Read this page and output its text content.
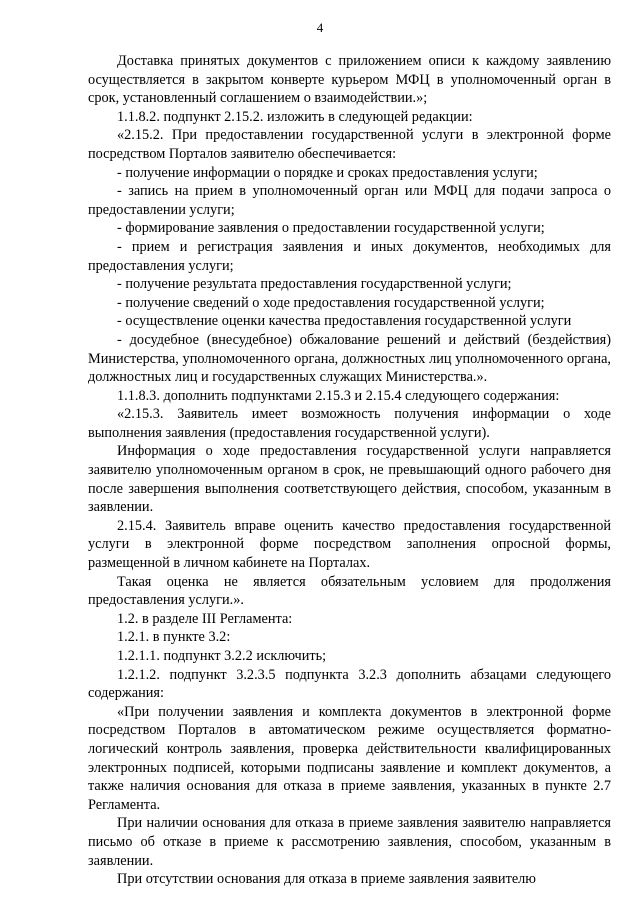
4

Доставка принятых документов с приложением описи к каждому заявлению осуществляется в закрытом конверте курьером МФЦ в уполномоченный орган в срок, установленный соглашением о взаимодействии.»;

1.1.8.2. подпункт 2.15.2. изложить в следующей редакции:

«2.15.2. При предоставлении государственной услуги в электронной форме посредством Порталов заявителю обеспечивается:

- получение информации о порядке и сроках предоставления услуги;

- запись на прием в уполномоченный орган или МФЦ для подачи запроса о предоставлении услуги;

- формирование заявления о предоставлении государственной услуги;

- прием и регистрация заявления и иных документов, необходимых для предоставления услуги;

- получение результата предоставления государственной услуги;

- получение сведений о ходе предоставления государственной услуги;

- осуществление оценки качества предоставления государственной услуги

- досудебное (внесудебное) обжалование решений и действий (бездействия) Министерства, уполномоченного органа, должностных лиц уполномоченного органа, должностных лиц и государственных служащих Министерства.».

1.1.8.3. дополнить подпунктами 2.15.3 и 2.15.4 следующего содержания:

«2.15.3. Заявитель имеет возможность получения информации о ходе выполнения заявления (предоставления государственной услуги).

Информация о ходе предоставления государственной услуги направляется заявителю уполномоченным органом в срок, не превышающий одного рабочего дня после завершения выполнения соответствующего действия, способом, указанным в заявлении.

2.15.4. Заявитель вправе оценить качество предоставления государственной услуги в электронной форме посредством заполнения опросной формы, размещенной в личном кабинете на Порталах.

Такая оценка не является обязательным условием для продолжения предоставления услуги.».

1.2. в разделе III Регламента:

1.2.1. в пункте 3.2:

1.2.1.1. подпункт 3.2.2 исключить;

1.2.1.2. подпункт 3.2.3.5 подпункта 3.2.3 дополнить абзацами следующего содержания:

«При получении заявления и комплекта документов в электронной форме посредством Порталов в автоматическом режиме осуществляется форматно-логический контроль заявления, проверка действительности квалифицированных электронных подписей, которыми подписаны заявление и комплект документов, а также наличия основания для отказа в приеме заявления, указанных в пункте 2.7 Регламента.

При наличии основания для отказа в приеме заявления заявителю направляется письмо об отказе в приеме к рассмотрению заявления, способом, указанным в заявлении.

При отсутствии основания для отказа в приеме заявления заявителю
